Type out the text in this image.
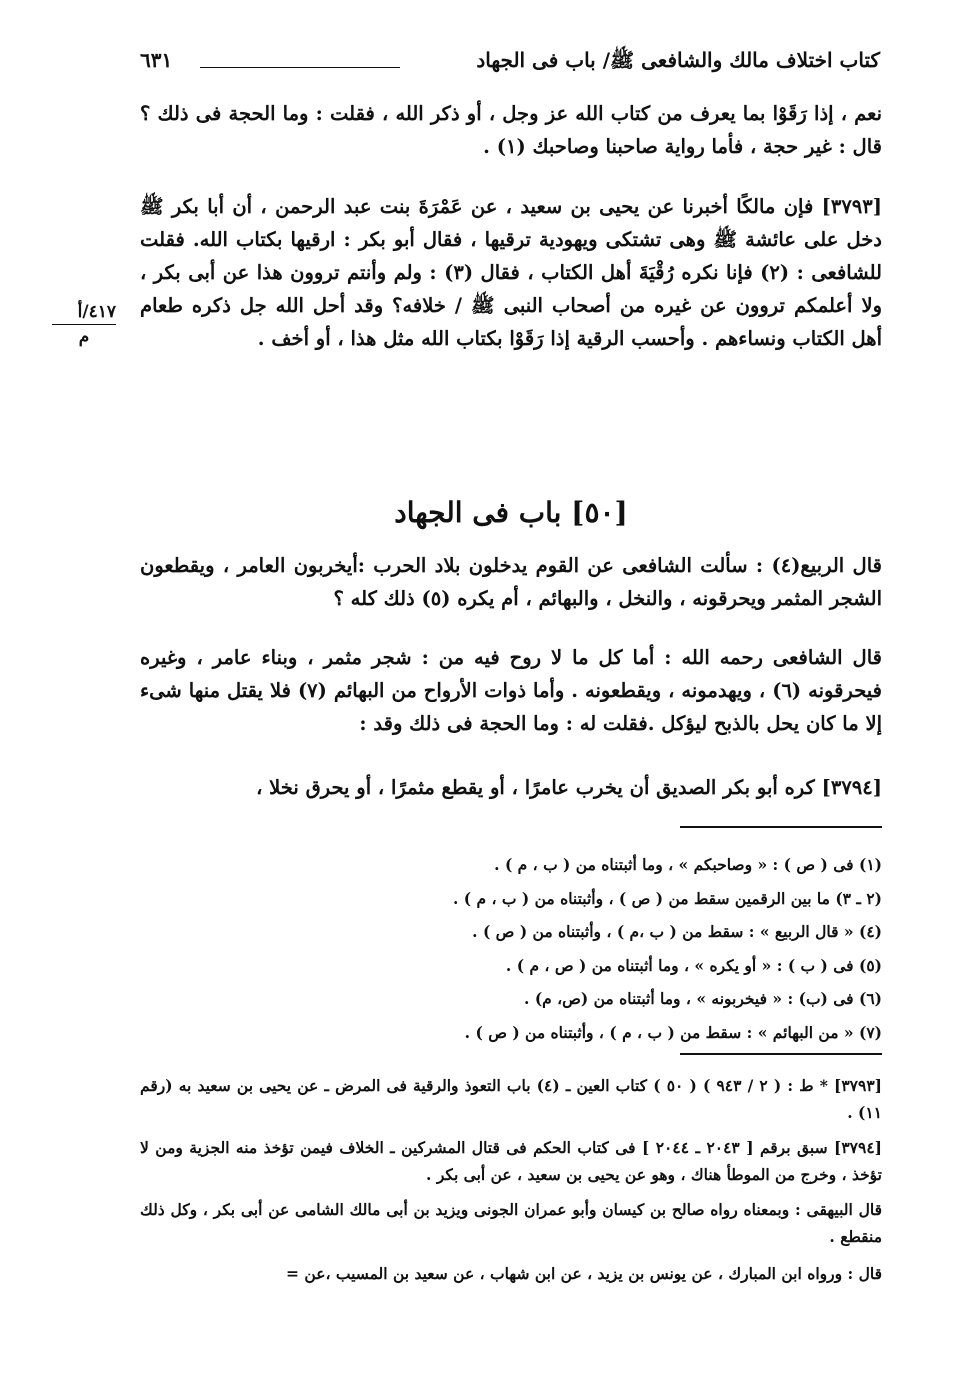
كتاب اختلاف مالك والشافعى ﷺ/ باب فى الجهاد
٦٣١
٤١٧/أ
م

نعم ، إذا رَقَوْا بما يعرف من كتاب الله عز وجل ، أو ذكر الله ، فقلت : وما الحجة فى ذلك ؟ قال : غير حجة ، فأما رواية صاحبنا وصاحبك (١) .

[٣٧٩٣] فإن مالكًا أخبرنا عن يحيى بن سعيد ، عن عَمْرَةَ بنت عبد الرحمن ، أن أبا بكر ﷺ دخل على عائشة ﷺ وهى تشتكى ويهودية ترقيها ، فقال أبو بكر : ارقيها بكتاب الله. فقلت للشافعى : (٢) فإنا نكره رُقْيَةَ أهل الكتاب ، فقال (٣) : ولم وأنتم تروون هذا عن أبى بكر ، ولا أعلمكم تروون عن غيره من أصحاب النبى ﷺ / خلافه؟ وقد أحل الله جل ذكره طعام أهل الكتاب ونساءهم . وأحسب الرقية إذا رَقَوْا بكتاب الله مثل هذا ، أو أخف .

[٥٠] باب فى الجهاد

قال الربيع(٤) : سألت الشافعى عن القوم يدخلون بلاد الحرب :أيخربون العامر ، ويقطعون الشجر المثمر ويحرقونه ، والنخل ، والبهائم ، أم يكره (٥) ذلك كله ؟

قال الشافعى رحمه الله : أما كل ما لا روح فيه من : شجر مثمر ، وبناء عامر ، وغيره فيحرقونه (٦) ، ويهدمونه ، ويقطعونه . وأما ذوات الأرواح من البهائم (٧) فلا يقتل منها شىء إلا ما كان يحل بالذبح ليؤكل .فقلت له : وما الحجة فى ذلك وقد :

[٣٧٩٤] كره أبو بكر الصديق أن يخرب عامرًا ، أو يقطع مثمرًا ، أو يحرق نخلا ،

(١) فى ( ص ) : « وصاحبكم » ، وما أثبتناه من ( ب ، م ) .
(٢ ـ ٣) ما بين الرقمين سقط من ( ص ) ، وأثبتناه من ( ب ، م ) .
(٤) « قال الربيع » : سقط من ( ب ،م ) ، وأثبتناه من ( ص ) .
(٥) فى ( ب ) : « أو يكره » ، وما أثبتناه من ( ص ، م ) .
(٦) فى (ب) : « فيخربونه » ، وما أثبتناه من (ص، م) .
(٧) « من البهائم » : سقط من ( ب ، م ) ، وأثبتناه من ( ص ) .

[٣٧٩٣] * ط : ( ٢ / ٩٤٣ ) ( ٥٠ ) كتاب العين ـ (٤) باب التعوذ والرقية فى المرض ـ عن يحيى بن سعيد به (رقم ١١) .

[٣٧٩٤] سبق برقم [ ٢٠٤٣ ـ ٢٠٤٤ ] فى كتاب الحكم فى قتال المشركين ـ الخلاف فيمن تؤخذ منه الجزية ومن لا تؤخذ ، وخرج من الموطأ هناك ، وهو عن يحيى بن سعيد ، عن أبى بكر .

قال البيهقى : وبمعناه رواه صالح بن كيسان وأبو عمران الجونى ويزيد بن أبى مالك الشامى عن أبى بكر ، وكل ذلك منقطع .

قال : ورواه ابن المبارك ، عن يونس بن يزيد ، عن ابن شهاب ، عن سعيد بن المسيب ،عن =
